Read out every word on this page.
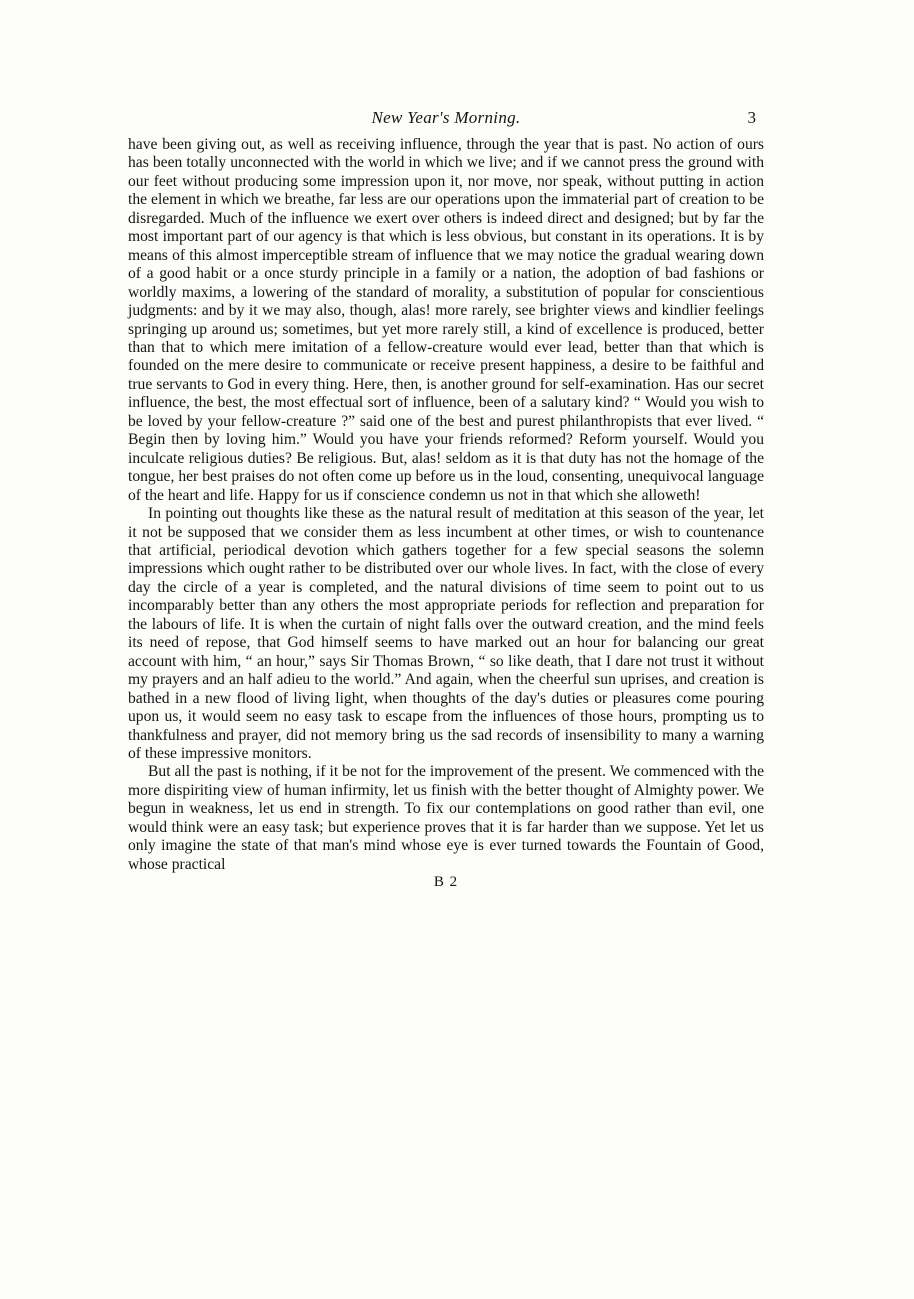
New Year's Morning.	3

have been giving out, as well as receiving influence, through the year that is past. No action of ours has been totally unconnected with the world in which we live; and if we cannot press the ground with our feet without producing some impression upon it, nor move, nor speak, without putting in action the element in which we breathe, far less are our operations upon the immaterial part of creation to be disregarded. Much of the influence we exert over others is indeed direct and designed; but by far the most important part of our agency is that which is less obvious, but constant in its operations. It is by means of this almost imperceptible stream of influence that we may notice the gradual wearing down of a good habit or a once sturdy principle in a family or a nation, the adoption of bad fashions or worldly maxims, a lowering of the standard of morality, a substitution of popular for conscientious judgments: and by it we may also, though, alas! more rarely, see brighter views and kindlier feelings springing up around us; sometimes, but yet more rarely still, a kind of excellence is produced, better than that to which mere imitation of a fellow-creature would ever lead, better than that which is founded on the mere desire to communicate or receive present happiness, a desire to be faithful and true servants to God in every thing. Here, then, is another ground for self-examination. Has our secret influence, the best, the most effectual sort of influence, been of a salutary kind? “ Would you wish to be loved by your fellow-creature ?” said one of the best and purest philanthropists that ever lived. “ Begin then by loving him.” Would you have your friends reformed? Reform yourself. Would you inculcate religious duties? Be religious. But, alas! seldom as it is that duty has not the homage of the tongue, her best praises do not often come up before us in the loud, consenting, unequivocal language of the heart and life. Happy for us if conscience condemn us not in that which she alloweth!

In pointing out thoughts like these as the natural result of meditation at this season of the year, let it not be supposed that we consider them as less incumbent at other times, or wish to countenance that artificial, periodical devotion which gathers together for a few special seasons the solemn impressions which ought rather to be distributed over our whole lives. In fact, with the close of every day the circle of a year is completed, and the natural divisions of time seem to point out to us incomparably better than any others the most appropriate periods for reflection and preparation for the labours of life. It is when the curtain of night falls over the outward creation, and the mind feels its need of repose, that God himself seems to have marked out an hour for balancing our great account with him, “ an hour,” says Sir Thomas Brown, “ so like death, that I dare not trust it without my prayers and an half adieu to the world.” And again, when the cheerful sun uprises, and creation is bathed in a new flood of living light, when thoughts of the day's duties or pleasures come pouring upon us, it would seem no easy task to escape from the influences of those hours, prompting us to thankfulness and prayer, did not memory bring us the sad records of insensibility to many a warning of these impressive monitors.

But all the past is nothing, if it be not for the improvement of the present. We commenced with the more dispiriting view of human infirmity, let us finish with the better thought of Almighty power. We begun in weakness, let us end in strength. To fix our contemplations on good rather than evil, one would think were an easy task; but experience proves that it is far harder than we suppose. Yet let us only imagine the state of that man's mind whose eye is ever turned towards the Fountain of Good, whose practical

B 2
